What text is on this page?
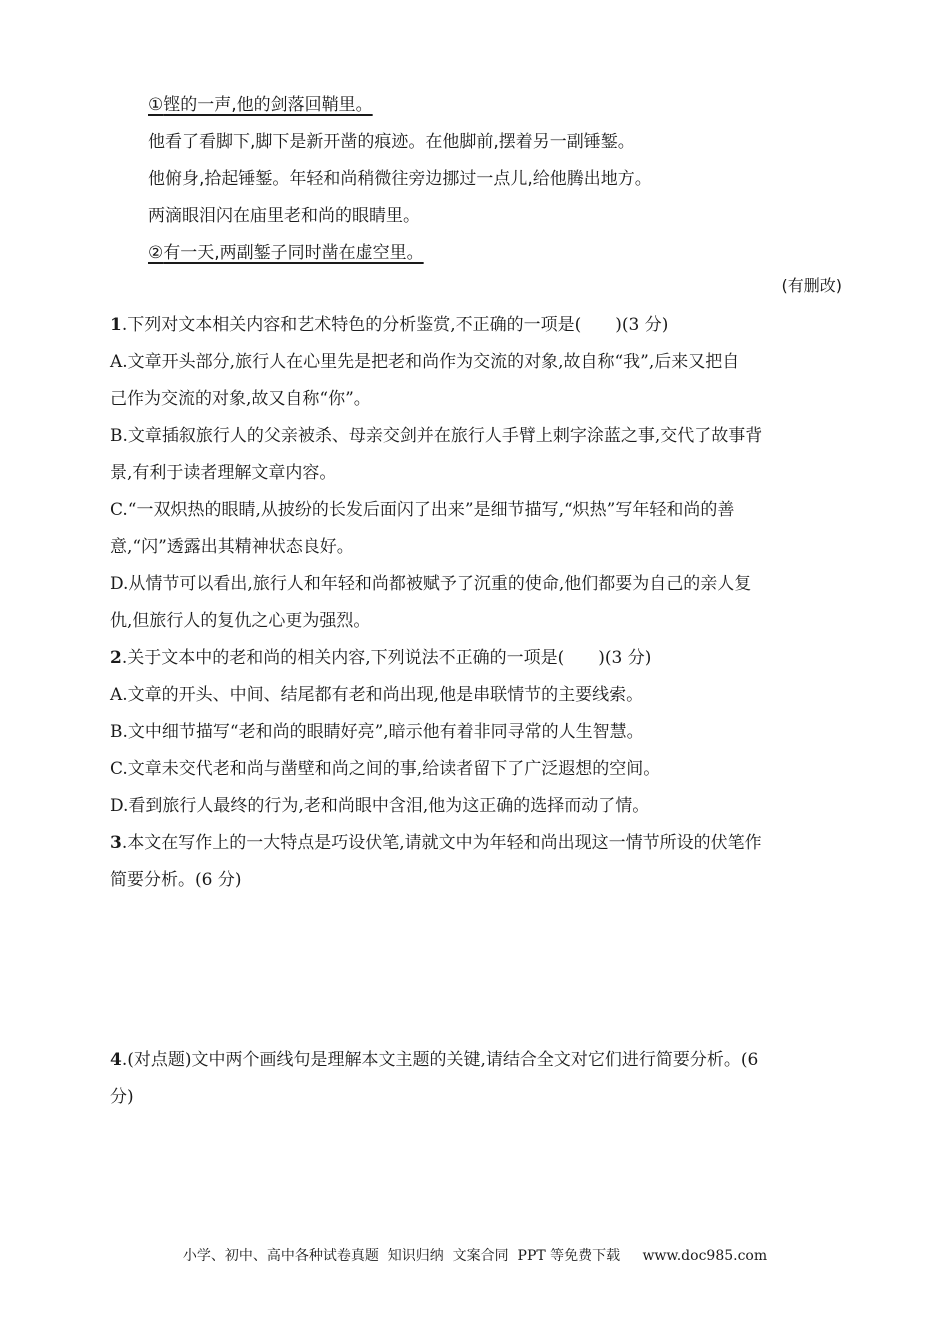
①铿的一声,他的剑落回鞘里。

他看了看脚下,脚下是新开凿的痕迹。在他脚前,摆着另一副锤錾。

他俯身,拾起锤錾。年轻和尚稍微往旁边挪过一点儿,给他腾出地方。

两滴眼泪闪在庙里老和尚的眼睛里。

②有一天,两副錾子同时凿在虚空里。

(有删改)

1.下列对文本相关内容和艺术特色的分析鉴赏,不正确的一项是(　　)(3 分)

A.文章开头部分,旅行人在心里先是把老和尚作为交流的对象,故自称“我”,后来又把自

己作为交流的对象,故又自称“你”。

B.文章插叙旅行人的父亲被杀、母亲交剑并在旅行人手臂上刺字涂蓝之事,交代了故事背

景,有利于读者理解文章内容。

C.“一双炽热的眼睛,从披纷的长发后面闪了出来”是细节描写,“炽热”写年轻和尚的善

意,“闪”透露出其精神状态良好。

D.从情节可以看出,旅行人和年轻和尚都被赋予了沉重的使命,他们都要为自己的亲人复

仇,但旅行人的复仇之心更为强烈。

2.关于文本中的老和尚的相关内容,下列说法不正确的一项是(　　)(3 分)

A.文章的开头、中间、结尾都有老和尚出现,他是串联情节的主要线索。

B.文中细节描写“老和尚的眼睛好亮”,暗示他有着非同寻常的人生智慧。

C.文章未交代老和尚与凿壁和尚之间的事,给读者留下了广泛遐想的空间。

D.看到旅行人最终的行为,老和尚眼中含泪,他为这正确的选择而动了情。

3.本文在写作上的一大特点是巧设伏笔,请就文中为年轻和尚出现这一情节所设的伏笔作

简要分析。(6 分)

4.(对点题)文中两个画线句是理解本文主题的关键,请结合全文对它们进行简要分析。(6

分)

小学、初中、高中各种试卷真题  知识归纳  文案合同  PPT 等免费下载     www.doc985.com
